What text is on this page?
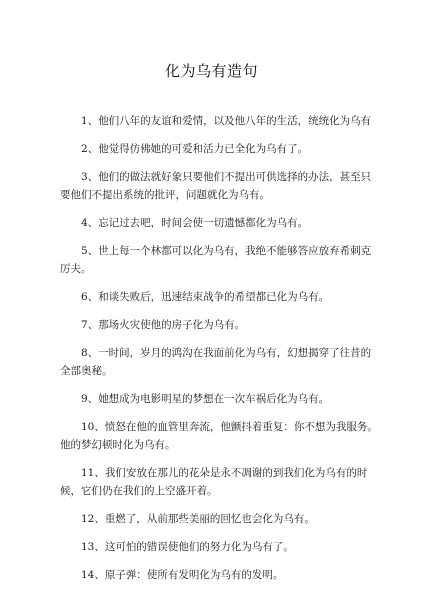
化为乌有造句
1、他们八年的友谊和爱情，以及他八年的生活，统统化为乌有
2、他觉得仿佛她的可爱和活力已全化为乌有了。
3、他们的做法就好象只要他们不提出可供选择的办法，甚至只要他们不提出系统的批评，问题就化为乌有。
4、忘记过去吧，时间会使一切遗憾都化为乌有。
5、世上每一个林都可以化为乌有，我绝不能够答应放弃希刺克厉夫。
6、和谈失败后，迅速结束战争的希望都已化为乌有。
7、那场火灾使他的房子化为乌有。
8、一时间，岁月的鸿沟在我面前化为乌有，幻想揭穿了往昔的全部奥秘。
9、她想成为电影明星的梦想在一次车祸后化为乌有。
10、愤怒在他的血管里奔流，他颤抖着重复：你不想为我服务。他的梦幻顿时化为乌有。
11、我们安放在那儿的花朵是永不凋谢的到我们化为乌有的时候，它们仍在我们的上空盛开着。
12、重燃了，从前那些美丽的回忆也会化为乌有。
13、这可怕的错误使他们的努力化为乌有了。
14、原子弹：使所有发明化为乌有的发明。
